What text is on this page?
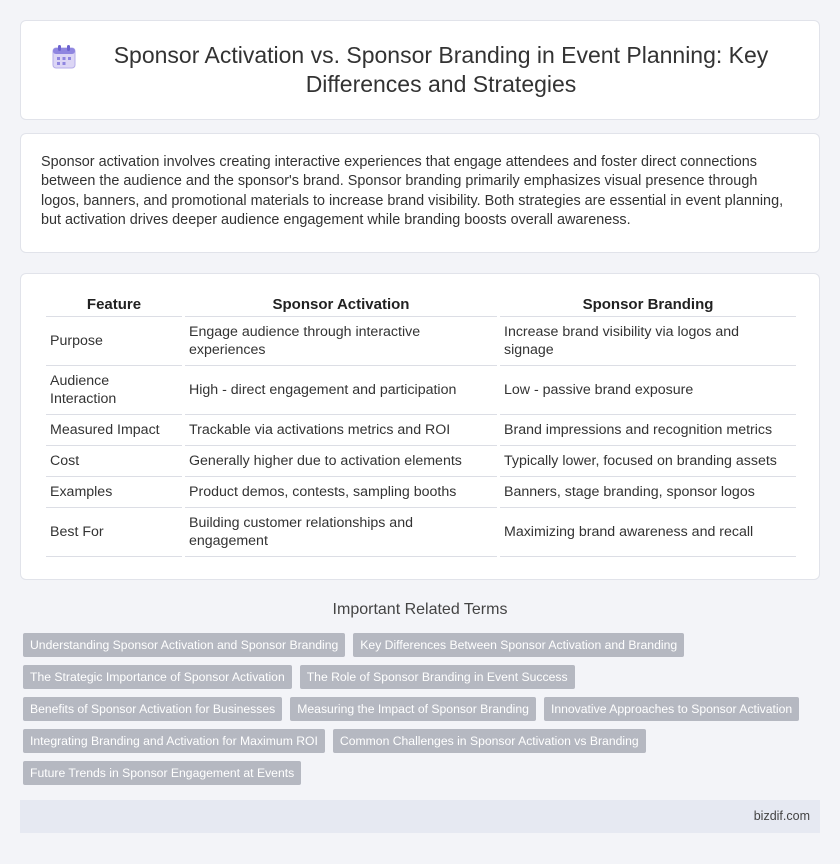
Sponsor Activation vs. Sponsor Branding in Event Planning: Key Differences and Strategies

Sponsor activation involves creating interactive experiences that engage attendees and foster direct connections between the audience and the sponsor's brand. Sponsor branding primarily emphasizes visual presence through logos, banners, and promotional materials to increase brand visibility. Both strategies are essential in event planning, but activation drives deeper audience engagement while branding boosts overall awareness.

Feature	Sponsor Activation	Sponsor Branding
Purpose	Engage audience through interactive experiences	Increase brand visibility via logos and signage
Audience Interaction	High - direct engagement and participation	Low - passive brand exposure
Measured Impact	Trackable via activations metrics and ROI	Brand impressions and recognition metrics
Cost	Generally higher due to activation elements	Typically lower, focused on branding assets
Examples	Product demos, contests, sampling booths	Banners, stage branding, sponsor logos
Best For	Building customer relationships and engagement	Maximizing brand awareness and recall
Important Related Terms
Understanding Sponsor Activation and Sponsor Branding	Key Differences Between Sponsor Activation and Branding
The Strategic Importance of Sponsor Activation	The Role of Sponsor Branding in Event Success
Benefits of Sponsor Activation for Businesses	Measuring the Impact of Sponsor Branding	Innovative Approaches to Sponsor Activation
Integrating Branding and Activation for Maximum ROI	Common Challenges in Sponsor Activation vs Branding
Future Trends in Sponsor Engagement at Events
bizdif.com
